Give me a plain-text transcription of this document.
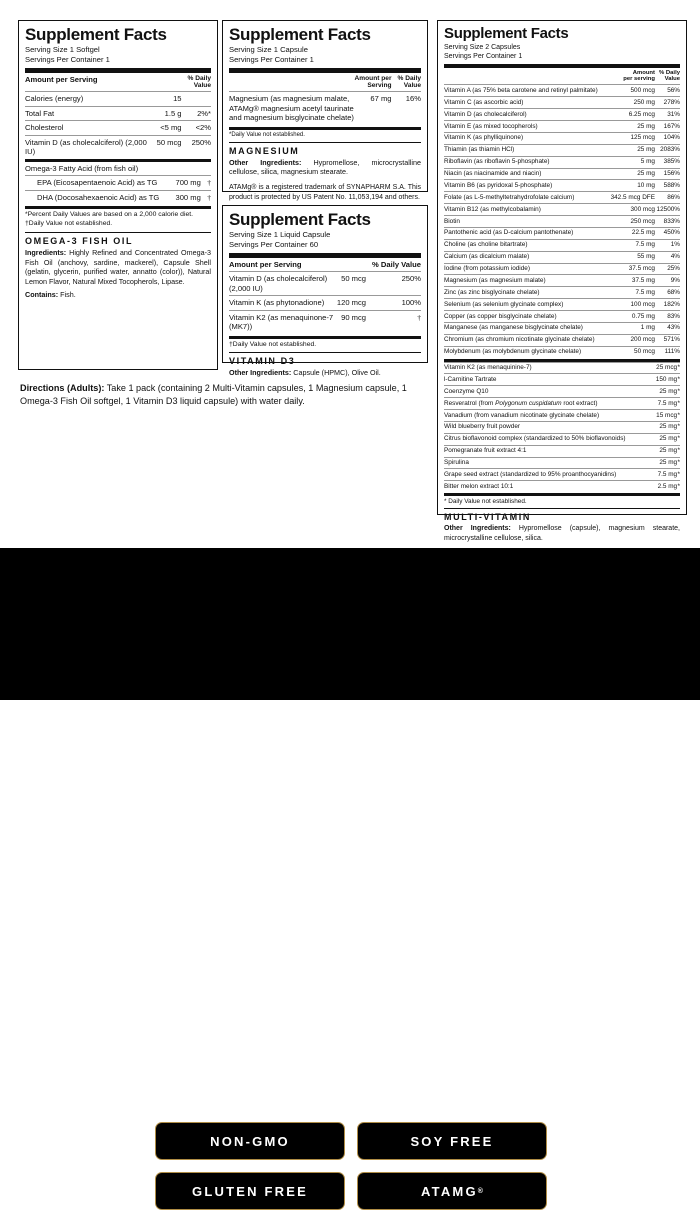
Supplement Facts
Serving Size 1 Softgel
Servings Per Container 1
Amount per Serving		% Daily
Value

Calories (energy)	15	
Total Fat	1.5 g	2%*
Cholesterol	<5 mg	<2%
Vitamin D (as cholecalciferol) (2,000 IU)	50 mcg	250%
Omega-3 Fatty Acid (from fish oil)		
EPA (Eicosapentaenoic Acid) as TG	700 mg	†
DHA (Docosahexaenoic Acid) as TG	300 mg	†
*Percent Daily Values are based on a 2,000 calorie diet.
†Daily Value not established.
OMEGA-3 FISH OIL
Ingredients: Highly Refined and Concentrated Omega-3 Fish Oil (anchovy, sardine, mackerel), Capsule Shell (gelatin, glycerin, purified water, annatto (color)), Natural Lemon Flavor, Natural Mixed Tocopherols, Lipase.
Contains: Fish.
Supplement Facts
Serving Size 1 Capsule
Servings Per Container 1

Amount per
Serving

% Daily
Value

Magnesium (as magnesium malate, ATAMg® magnesium acetyl taurinate and magnesium bisglycinate chelate)	67 mg	16%
*Daily Value not established.
MAGNESIUM
Other Ingredients: Hypromellose, microcrystalline cellulose, silica, magnesium stearate.
ATAMg® is a registered trademark of SYNAPHARM S.A. This product is protected by US Patent No. 11,053,194 and others.
Supplement Facts
Serving Size 1 Liquid Capsule
Servings Per Container 60
Amount per Serving		% Daily Value
Vitamin D (as cholecalciferol) (2,000 IU)	50 mcg	250%
Vitamin K (as phytonadione)	120 mcg	100%
Vitamin K2 (as menaquinone-7 (MK7))	90 mcg	†
†Daily Value not established.
VITAMIN D3
Other Ingredients: Capsule (HPMC), Olive Oil.
Supplement Facts
Serving Size 2 Capsules
Servings Per Container 1

Amount
per serving

% Daily
Value

Vitamin A (as 75% beta carotene and retinyl palmitate)	500 mcg	56%
Vitamin C (as ascorbic acid)	250 mg	278%
Vitamin D (as cholecalciferol)	6.25 mcg	31%
Vitamin E (as mixed tocopherols)	25 mg	167%
Vitamin K (as phylliquinone)	125 mcg	104%
Thiamin (as thiamin HCl)	25 mg	2083%
Riboflavin (as riboflavin 5-phosphate)	5 mg	385%
Niacin (as niacinamide and niacin)	25 mg	156%
Vitamin B6 (as pyridoxal 5-phosphate)	10 mg	588%
Folate (as L-5-methyltetrahydrofolate calcium)	342.5 mcg DFE	86%
Vitamin B12 (as methylcobalamin)	300 mcg	12500%
Biotin	250 mcg	833%
Pantothenic acid (as D-calcium pantothenate)	22.5 mg	450%
Choline (as choline bitartrate)	7.5 mg	1%
Calcium (as dicalcium malate)	55 mg	4%
Iodine (from potassium iodide)	37.5 mcg	25%
Magnesium (as magnesium malate)	37.5 mg	9%
Zinc (as zinc bisglycinate chelate)	7.5 mg	68%
Selenium (as selenium glycinate complex)	100 mcg	182%
Copper (as copper bisglycinate chelate)	0.75 mg	83%
Manganese (as manganese bisglycinate chelate)	1 mg	43%
Chromium (as chromium nicotinate glycinate chelate)	200 mcg	571%
Molybdenum (as molybdenum glycinate chelate)	50 mcg	111%
Vitamin K2 (as menaquinine-7)	25 mcg	*
l-Carnitine Tartrate	150 mg	*
Coenzyme Q10	25 mg	*
Resveratrol (from Polygonum cuspidatum root extract)	7.5 mg	*
Vanadium (from vanadium nicotinate glycinate chelate)	15 mcg	*
Wild blueberry fruit powder	25 mg	*
Citrus bioflavonoid complex (standardized to 50% bioflavonoids)	25 mg	*
Pomegranate fruit extract 4:1	25 mg	*
Spirulina	25 mg	*
Grape seed extract (standardized to 95% proanthocyanidins)	7.5 mg	*
Bitter melon extract 10:1	2.5 mg	*
* Daily Value not established.
MULTI-VITAMIN
Other Ingredients: Hypromellose (capsule), magnesium stearate, microcrystalline cellulose, silica.
Directions (Adults): Take 1 pack (containing 2 Multi-Vitamin capsules, 1 Magnesium capsule, 1 Omega-3 Fish Oil softgel, 1 Vitamin D3 liquid capsule) with water daily.
NON-GMO	SOY FREE
GLUTEN FREE	ATAMG ®
